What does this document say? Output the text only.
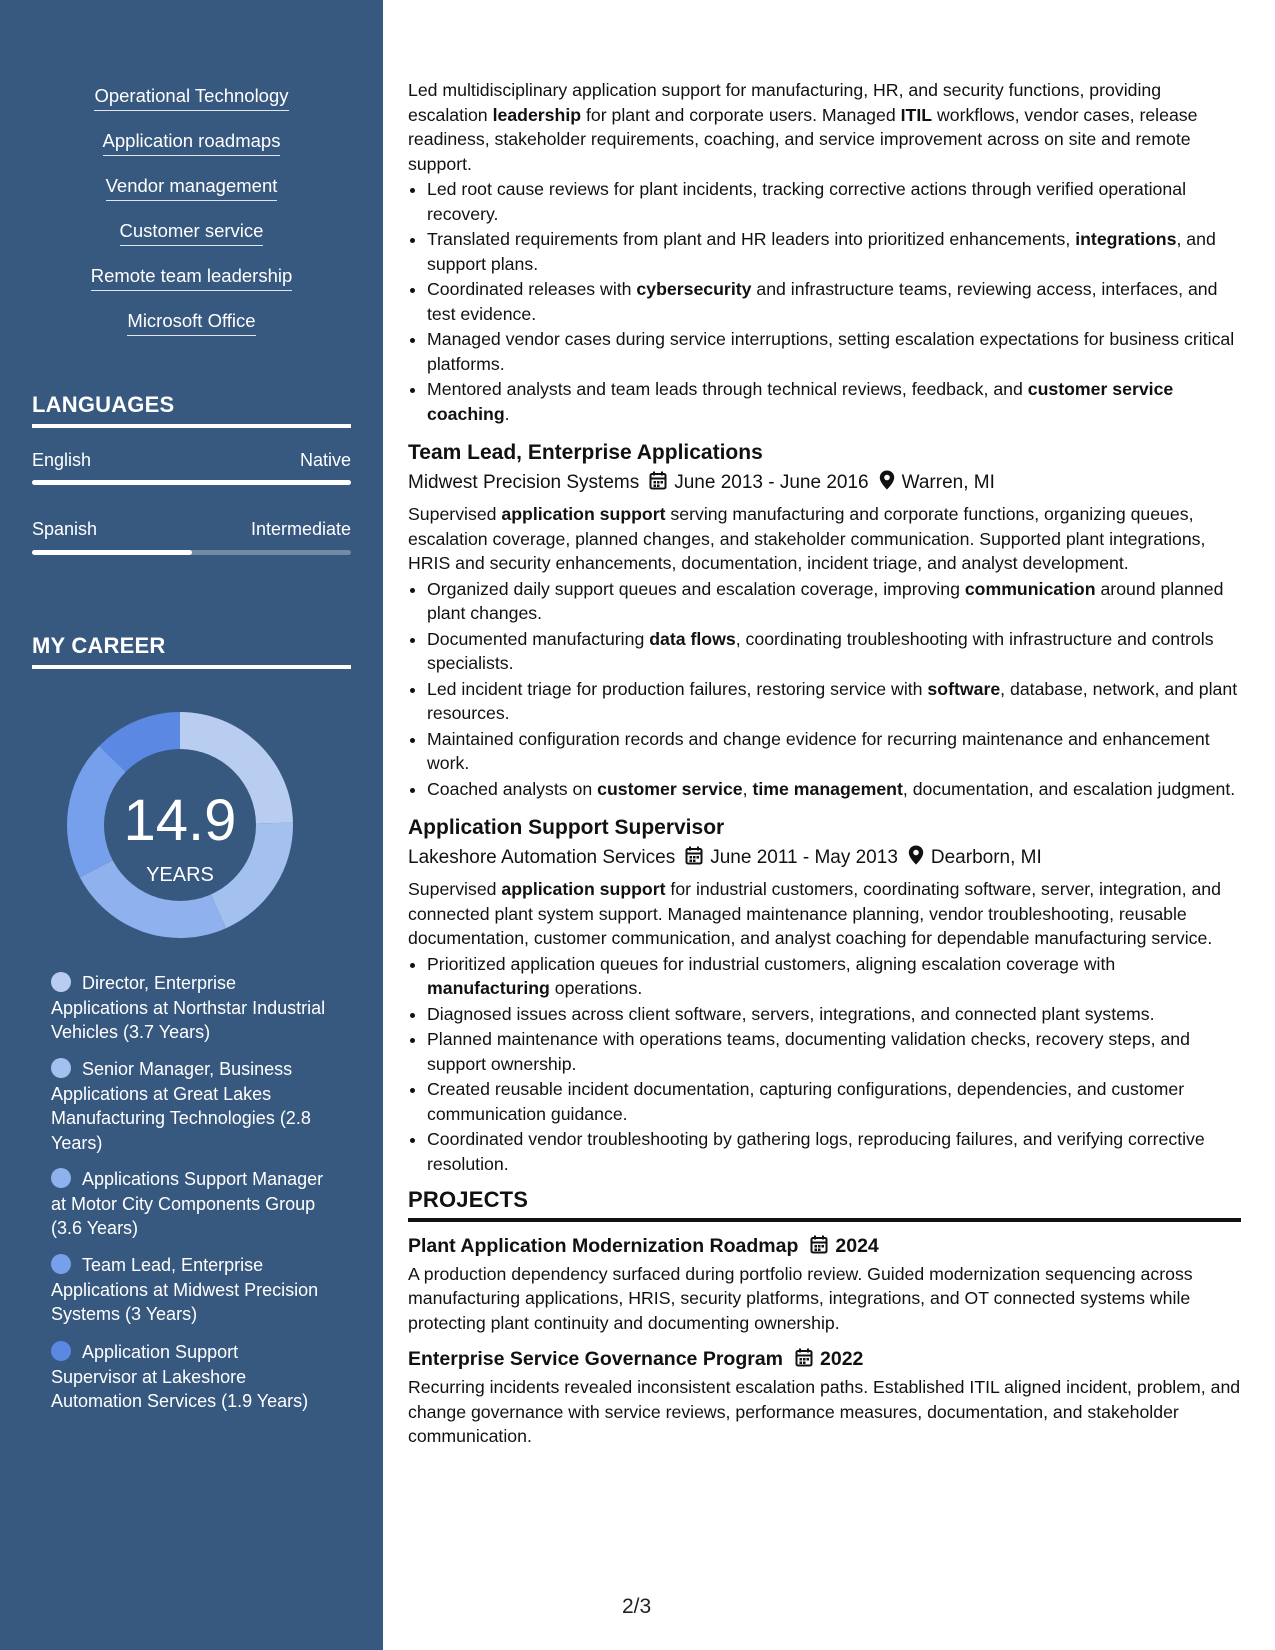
Operational Technology
Application roadmaps
Vendor management
Customer service
Remote team leadership
Microsoft Office
LANGUAGES
English	Native
Spanish	Intermediate
MY CAREER
14.9
YEARS
Director, Enterprise Applications at Northstar Industrial Vehicles (3.7 Years)
Senior Manager, Business Applications at Great Lakes Manufacturing Technologies (2.8 Years)
Applications Support Manager at Motor City Components Group (3.6 Years)
Team Lead, Enterprise Applications at Midwest Precision Systems (3 Years)
Application Support Supervisor at Lakeshore Automation Services (1.9 Years)

Led multidisciplinary application support for manufacturing, HR, and security functions, providing escalation leadership for plant and corporate users. Managed ITIL workflows, vendor cases, release readiness, stakeholder requirements, coaching, and service improvement across on site and remote support.

• Led root cause reviews for plant incidents, tracking corrective actions through verified operational recovery.
• Translated requirements from plant and HR leaders into prioritized enhancements, integrations, and support plans.
• Coordinated releases with cybersecurity and infrastructure teams, reviewing access, interfaces, and test evidence.
• Managed vendor cases during service interruptions, setting escalation expectations for business critical platforms.
• Mentored analysts and team leads through technical reviews, feedback, and customer service coaching.
Team Lead, Enterprise Applications
Midwest Precision Systems June 2013 - June 2016 Warren, MI

Supervised application support serving manufacturing and corporate functions, organizing queues, escalation coverage, planned changes, and stakeholder communication. Supported plant integrations, HRIS and security enhancements, documentation, incident triage, and analyst development.

• Organized daily support queues and escalation coverage, improving communication around planned plant changes.
• Documented manufacturing data flows, coordinating troubleshooting with infrastructure and controls specialists.
• Led incident triage for production failures, restoring service with software, database, network, and plant resources.
• Maintained configuration records and change evidence for recurring maintenance and enhancement work.
• Coached analysts on customer service, time management, documentation, and escalation judgment.
Application Support Supervisor
Lakeshore Automation Services June 2011 - May 2013 Dearborn, MI

Supervised application support for industrial customers, coordinating software, server, integration, and connected plant system support. Managed maintenance planning, vendor troubleshooting, reusable documentation, customer communication, and analyst coaching for dependable manufacturing service.

• Prioritized application queues for industrial customers, aligning escalation coverage with manufacturing operations.
• Diagnosed issues across client software, servers, integrations, and connected plant systems.
• Planned maintenance with operations teams, documenting validation checks, recovery steps, and support ownership.
• Created reusable incident documentation, capturing configurations, dependencies, and customer communication guidance.
• Coordinated vendor troubleshooting by gathering logs, reproducing failures, and verifying corrective resolution.
PROJECTS
Plant Application Modernization Roadmap 2024

A production dependency surfaced during portfolio review. Guided modernization sequencing across manufacturing applications, HRIS, security platforms, integrations, and OT connected systems while protecting plant continuity and documenting ownership.

Enterprise Service Governance Program 2022

Recurring incidents revealed inconsistent escalation paths. Established ITIL aligned incident, problem, and change governance with service reviews, performance measures, documentation, and stakeholder communication.

2/3
